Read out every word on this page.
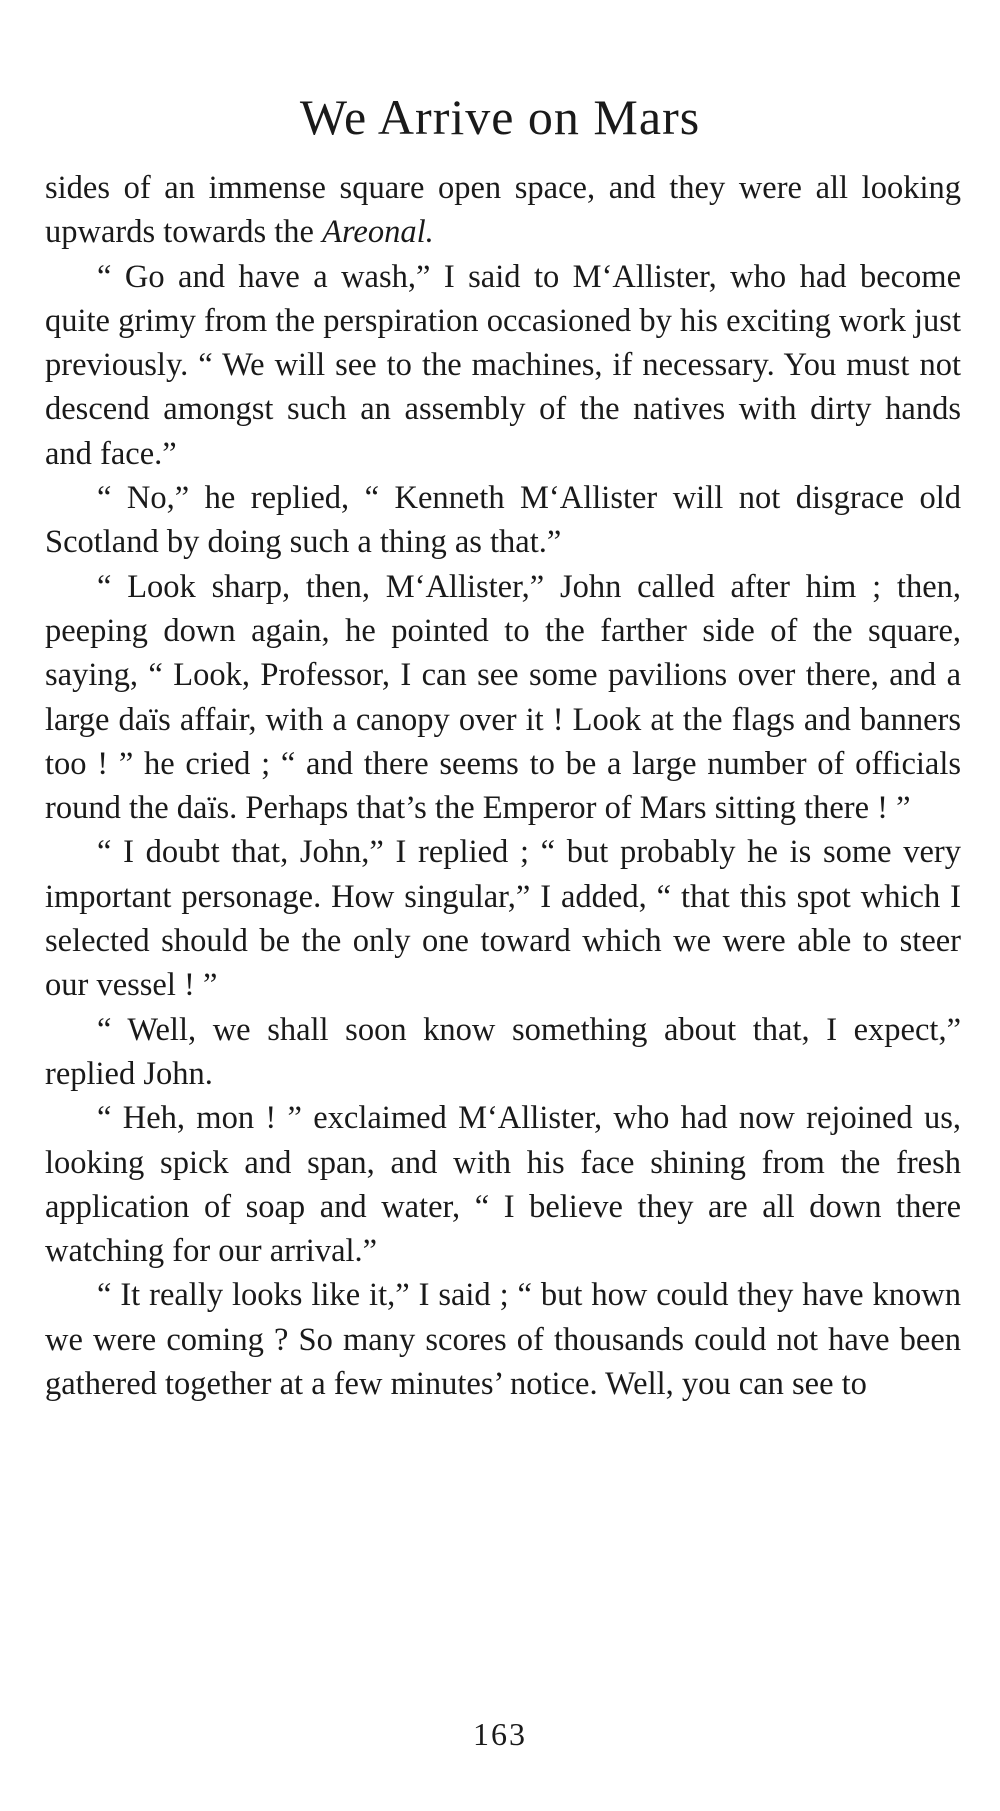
We Arrive on Mars

sides of an immense square open space, and they were all looking upwards towards the Areonal.

“ Go and have a wash,” I said to M‘Allister, who had become quite grimy from the perspiration occasioned by his exciting work just previously. “ We will see to the machines, if necessary. You must not descend amongst such an assembly of the natives with dirty hands and face.”

“ No,” he replied, “ Kenneth M‘Allister will not disgrace old Scotland by doing such a thing as that.”

“ Look sharp, then, M‘Allister,” John called after him ; then, peeping down again, he pointed to the farther side of the square, saying, “ Look, Professor, I can see some pavilions over there, and a large daïs affair, with a canopy over it ! Look at the flags and banners too ! ” he cried ; “ and there seems to be a large number of officials round the daïs. Perhaps that’s the Emperor of Mars sitting there ! ”

“ I doubt that, John,” I replied ; “ but probably he is some very important personage. How singular,” I added, “ that this spot which I selected should be the only one toward which we were able to steer our vessel ! ”

“ Well, we shall soon know something about that, I expect,” replied John.

“ Heh, mon ! ” exclaimed M‘Allister, who had now rejoined us, looking spick and span, and with his face shining from the fresh application of soap and water, “ I believe they are all down there watching for our arrival.”

“ It really looks like it,” I said ; “ but how could they have known we were coming ? So many scores of thousands could not have been gathered together at a few minutes’ notice. Well, you can see to

163
